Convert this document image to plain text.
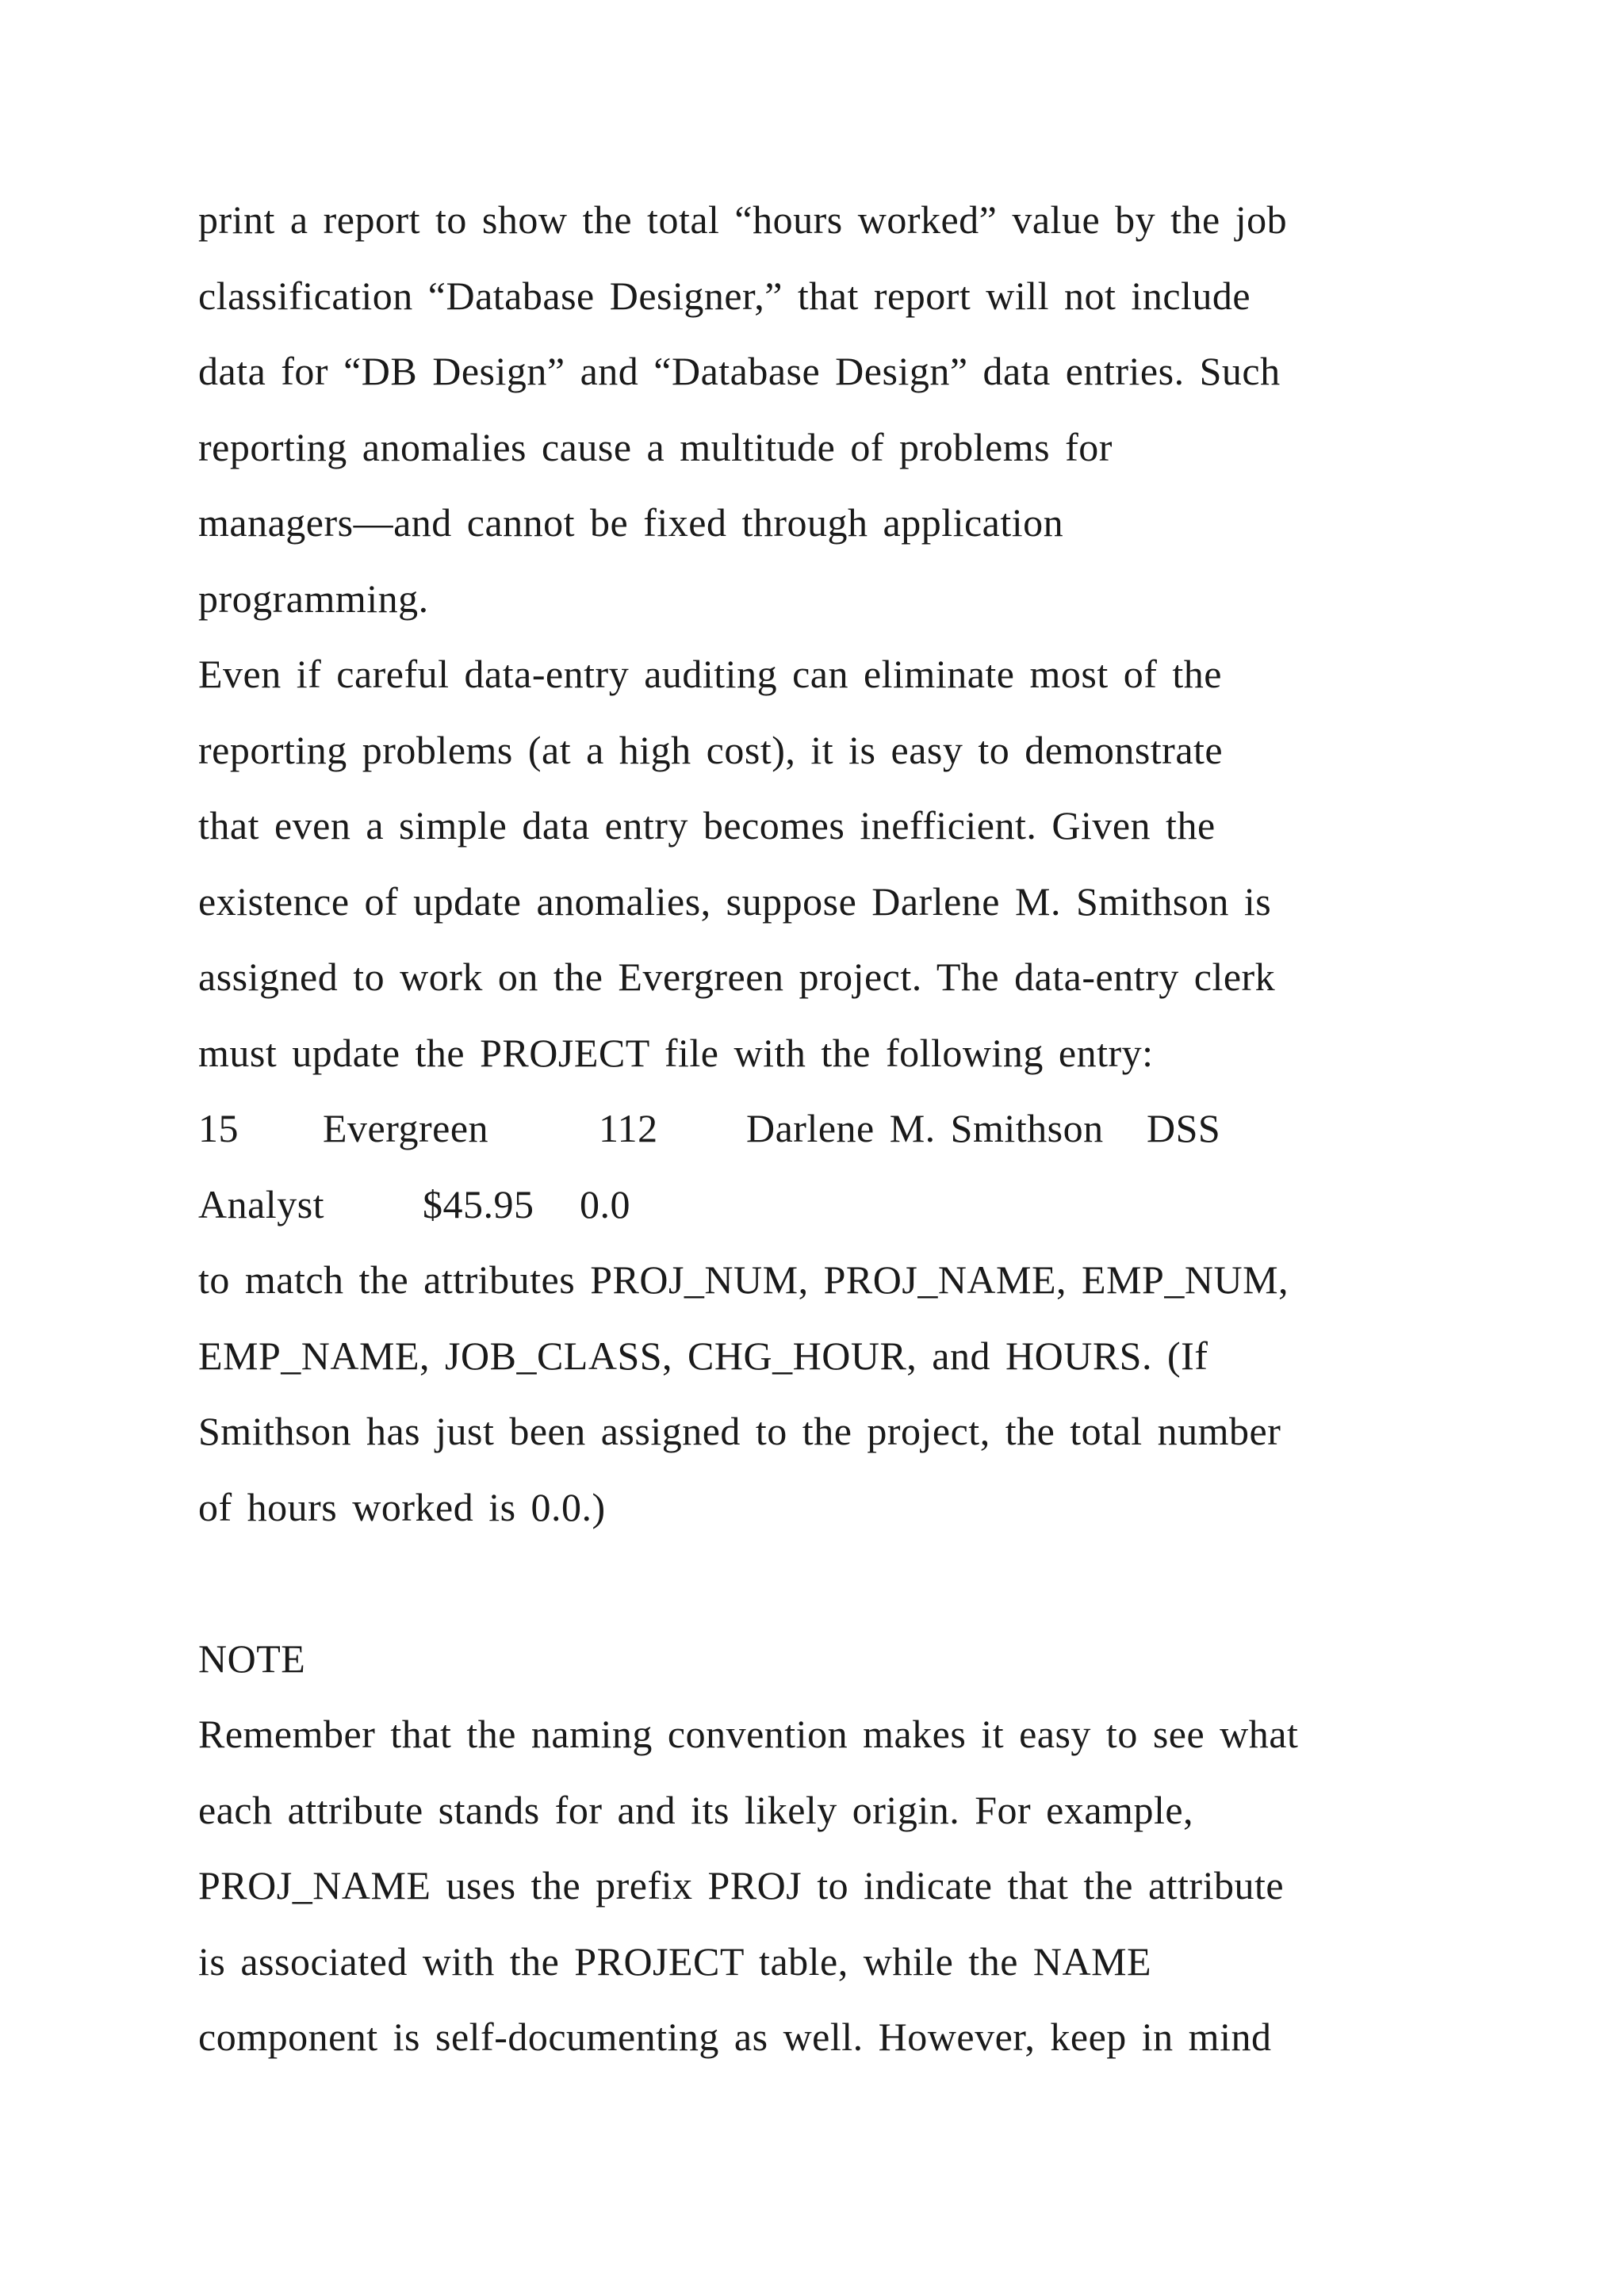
print a report to show the total “hours worked” value by the job
classification “Database Designer,” that report will not include
data for “DB Design” and “Database Design” data entries. Such
reporting anomalies cause a multitude of problems for
managers—and cannot be fixed through application
programming.
Even if careful data-entry auditing can eliminate most of the
reporting problems (at a high cost), it is easy to demonstrate
that even a simple data entry becomes inefficient. Given the
existence of update anomalies, suppose Darlene M. Smithson is
assigned to work on the Evergreen project. The data-entry clerk
must update the PROJECT file with the following entry:
15 Evergreen	112 Darlene M. Smithson DSS
Analyst $45.95 0.0
to match the attributes PROJ_NUM, PROJ_NAME, EMP_NUM,
EMP_NAME, JOB_CLASS, CHG_HOUR, and HOURS. (If
Smithson has just been assigned to the project, the total number
of hours worked is 0.0.)
NOTE
Remember that the naming convention makes it easy to see what
each attribute stands for and its likely origin. For example,
PROJ_NAME uses the prefix PROJ to indicate that the attribute
is associated with the PROJECT table, while the NAME
component is self-documenting as well. However, keep in mind
